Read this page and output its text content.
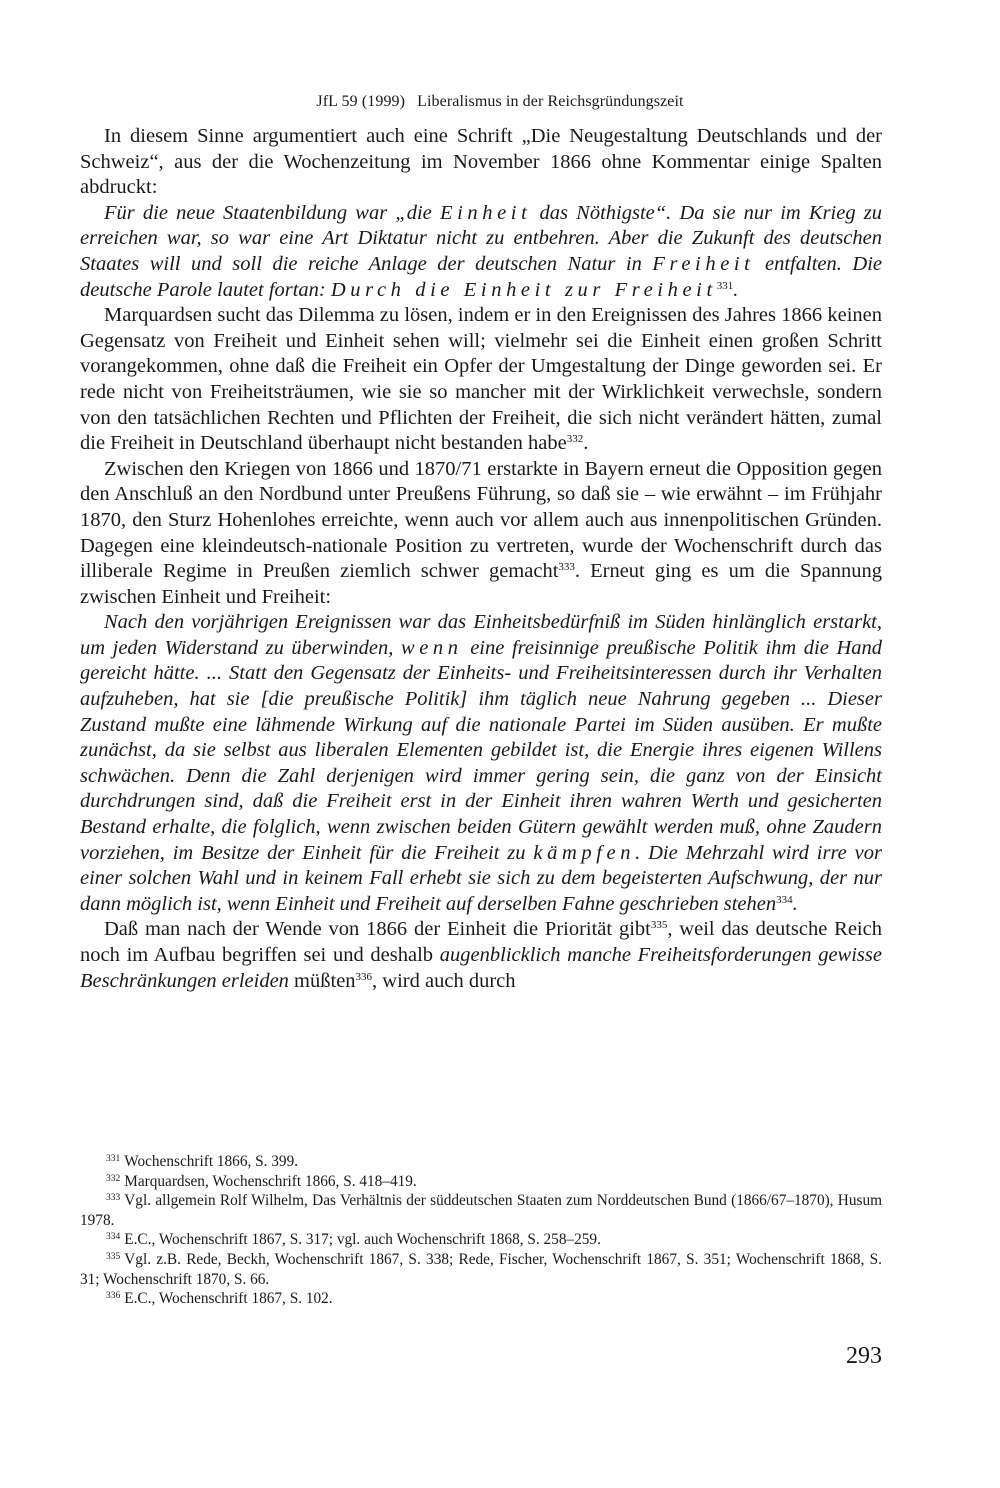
JfL 59 (1999) Liberalismus in der Reichsgründungszeit

In diesem Sinne argumentiert auch eine Schrift „Die Neugestaltung Deutschlands und der Schweiz“, aus der die Wochenzeitung im November 1866 ohne Kommentar einige Spalten abdruckt:

Für die neue Staatenbildung war „die Einheit das Nöthigste“. Da sie nur im Krieg zu erreichen war, so war eine Art Diktatur nicht zu entbehren. Aber die Zukunft des deutschen Staates will und soll die reiche Anlage der deutschen Natur in Freiheit entfalten. Die deutsche Parole lautet fortan: Durch die Einheit zur Freiheit$^{331}$.

Marquardsen sucht das Dilemma zu lösen, indem er in den Ereignissen des Jahres 1866 keinen Gegensatz von Freiheit und Einheit sehen will; vielmehr sei die Einheit einen großen Schritt vorangekommen, ohne daß die Freiheit ein Opfer der Umgestaltung der Dinge geworden sei. Er rede nicht von Freiheitsträumen, wie sie so mancher mit der Wirklichkeit verwechsle, sondern von den tatsächlichen Rechten und Pflichten der Freiheit, die sich nicht verändert hätten, zumal die Freiheit in Deutschland überhaupt nicht bestanden habe$^{332}$.

Zwischen den Kriegen von 1866 und 1870/71 erstarkte in Bayern erneut die Opposition gegen den Anschluß an den Nordbund unter Preußens Führung, so daß sie – wie erwähnt – im Frühjahr 1870, den Sturz Hohenlohes erreichte, wenn auch vor allem auch aus innenpolitischen Gründen. Dagegen eine kleindeutsch-nationale Position zu vertreten, wurde der Wochenschrift durch das illiberale Regime in Preußen ziemlich schwer gemacht$^{333}$. Erneut ging es um die Spannung zwischen Einheit und Freiheit:

Nach den vorjährigen Ereignissen war das Einheitsbedürfniß im Süden hinlänglich erstarkt, um jeden Widerstand zu überwinden, wenn eine freisinnige preußische Politik ihm die Hand gereicht hätte. ... Statt den Gegensatz der Einheits- und Freiheitsinteressen durch ihr Verhalten aufzuheben, hat sie [die preußische Politik] ihm täglich neue Nahrung gegeben ... Dieser Zustand mußte eine lähmende Wirkung auf die nationale Partei im Süden ausüben. Er mußte zunächst, da sie selbst aus liberalen Elementen gebildet ist, die Energie ihres eigenen Willens schwächen. Denn die Zahl derjenigen wird immer gering sein, die ganz von der Einsicht durchdrungen sind, daß die Freiheit erst in der Einheit ihren wahren Werth und gesicherten Bestand erhalte, die folglich, wenn zwischen beiden Gütern gewählt werden muß, ohne Zaudern vorziehen, im Besitze der Einheit für die Freiheit zu kämpfen. Die Mehrzahl wird irre vor einer solchen Wahl und in keinem Fall erhebt sie sich zu dem begeisterten Aufschwung, der nur dann möglich ist, wenn Einheit und Freiheit auf derselben Fahne geschrieben stehen$^{334}$.

Daß man nach der Wende von 1866 der Einheit die Priorität gibt$^{335}$, weil das deutsche Reich noch im Aufbau begriffen sei und deshalb augenblicklich manche Freiheitsforderungen gewisse Beschränkungen erleiden müßten$^{336}$, wird auch durch

$^{331}$ Wochenschrift 1866, S. 399.

$^{332}$ Marquardsen, Wochenschrift 1866, S. 418–419.

$^{333}$ Vgl. allgemein Rolf Wilhelm, Das Verhältnis der süddeutschen Staaten zum Norddeutschen Bund (1866/67–1870), Husum 1978.

$^{334}$ E.C., Wochenschrift 1867, S. 317; vgl. auch Wochenschrift 1868, S. 258–259.

$^{335}$ Vgl. z.B. Rede, Beckh, Wochenschrift 1867, S. 338; Rede, Fischer, Wochenschrift 1867, S. 351; Wochenschrift 1868, S. 31; Wochenschrift 1870, S. 66.

$^{336}$ E.C., Wochenschrift 1867, S. 102.

293
